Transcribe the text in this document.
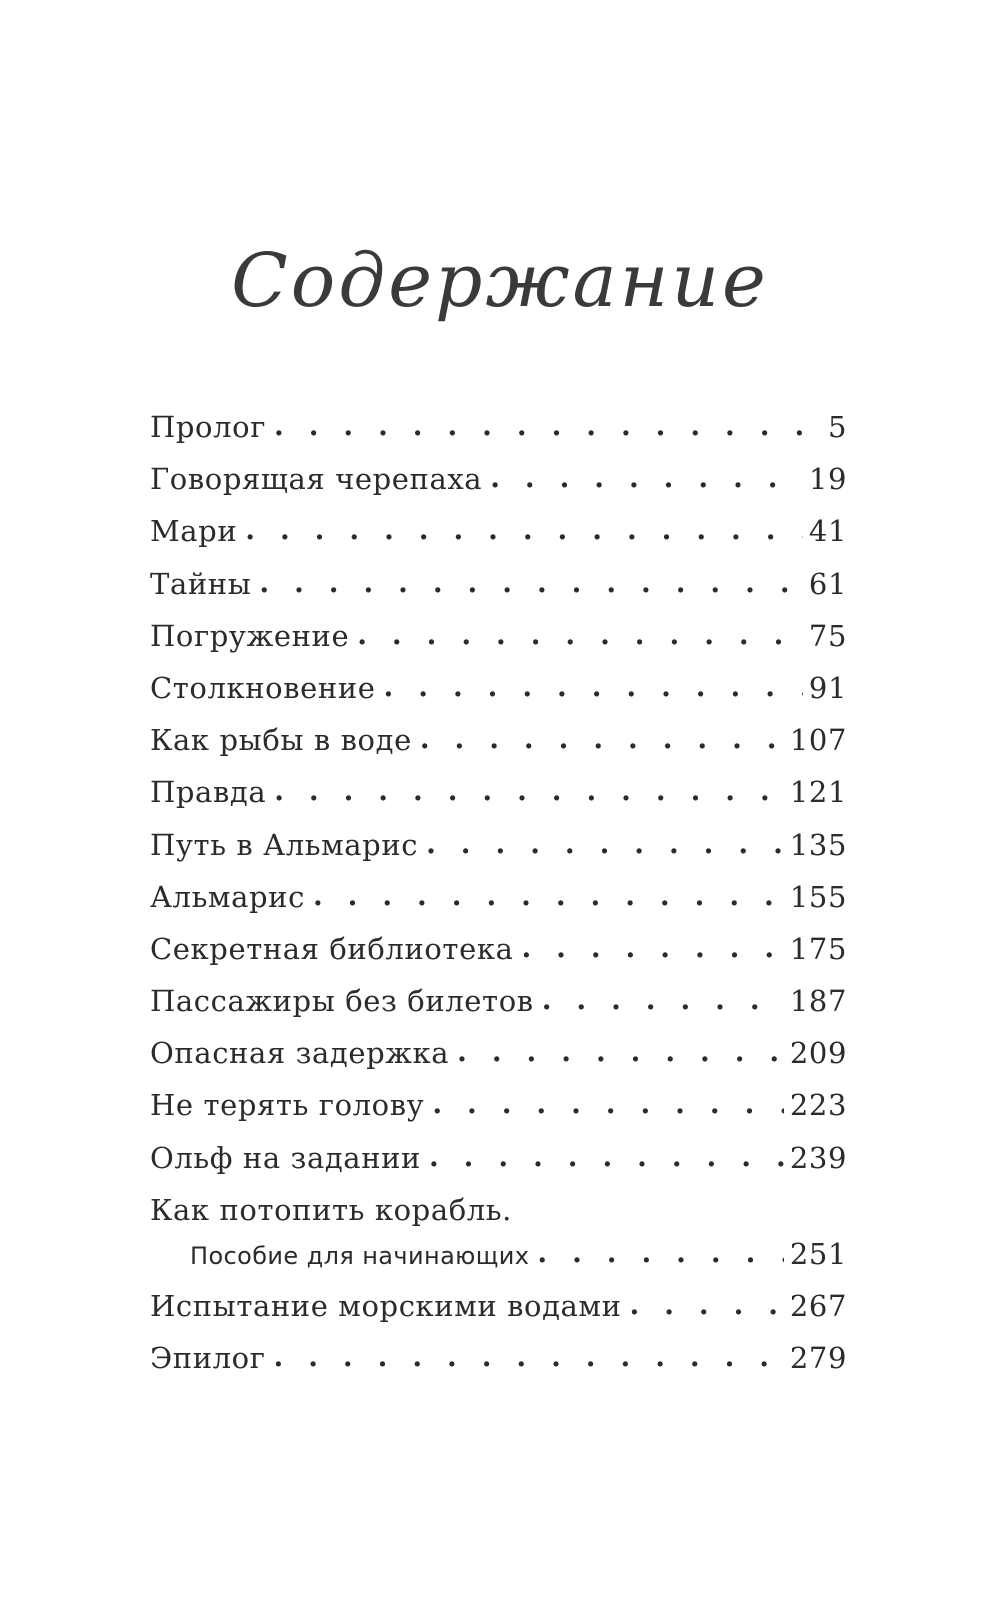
Содержание
Пролог . . .	5
Говорящая черепаха . . .	19
Мари . . .	41
Тайны . . .	61
Погружение . . .	75
Столкновение . . .	91
Как рыбы в воде . . .	107
Правда . . .	121
Путь в Альмарис . . .	135
Альмарис . . .	155
Секретная библиотека . . .	175
Пассажиры без билетов . . .	187
Опасная задержка . . .	209
Не терять голову . . .	223
Ольф на задании . . .	239
Как потопить корабль.
Пособие для начинающих . . .	251
Испытание морскими водами . . .	267
Эпилог . . .	279
